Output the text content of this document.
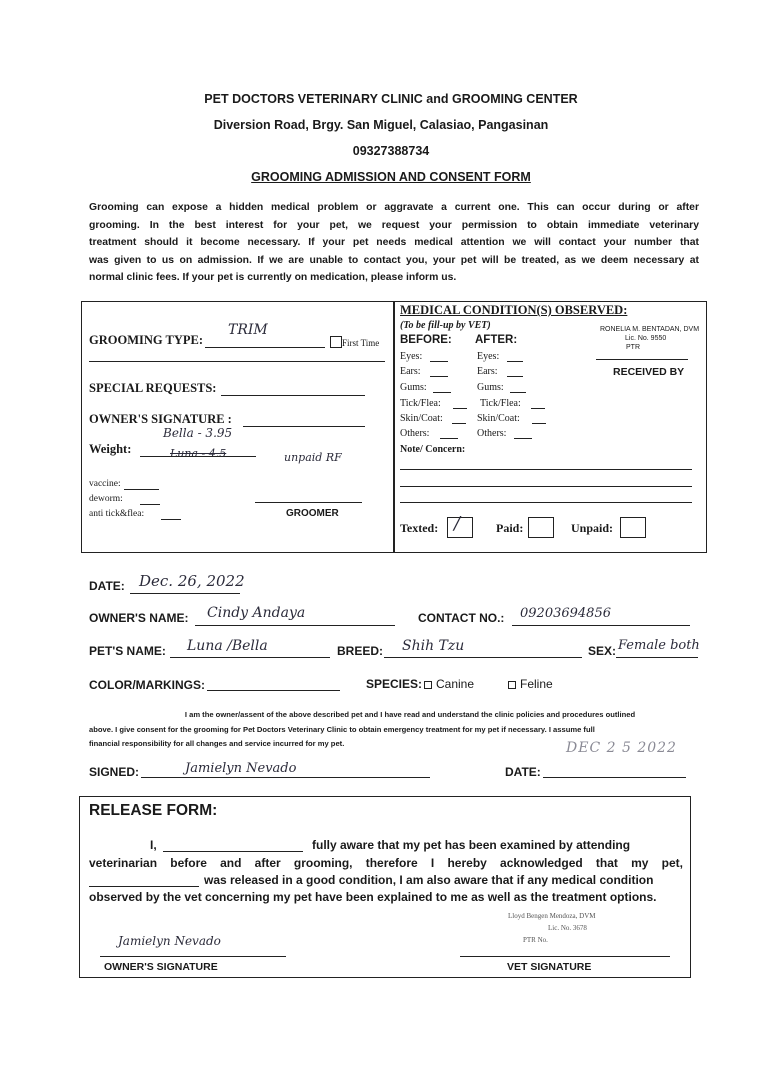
PET DOCTORS VETERINARY CLINIC and GROOMING CENTER
Diversion Road, Brgy. San Miguel, Calasiao, Pangasinan
09327388734
GROOMING ADMISSION AND CONSENT FORM
Grooming can expose a hidden medical problem or aggravate a current one. This can occur during or after
grooming. In the best interest for your pet, we request your permission to obtain immediate veterinary
treatment should it become necessary. If your pet needs medical attention we will contact your number that
was given to us on admission. If we are unable to contact you, your pet will be treated, as we deem necessary at
normal clinic fees. If your pet is currently on medication, please inform us.
GROOMING TYPE:
TRIM
First Time
SPECIAL REQUESTS:
OWNER'S SIGNATURE :
Weight:
Bella - 3.95
Luna - 4.5	unpaid RF
vaccine:
deworm:
anti tick&flea:	GROOMER
MEDICAL CONDITION(S) OBSERVED:
(To be fill-up by VET)
BEFORE: AFTER:
Eyes:	Eyes:
Ears:	Ears:
Gums:	Gums:
Tick/Flea:	Tick/Flea:
Skin/Coat:	Skin/Coat:
Others:	Others:
Note/ Concern:
RONELIA M. BENTADAN, DVM
Lic. No. 9550
PTR
RECEIVED BY
Texted: /	Paid:	Unpaid:
DATE: Dec. 26, 2022
OWNER'S NAME: Cindy Andaya	CONTACT NO.: 09203694856
PET'S NAME: Luna /Bella	BREED: Shih Tzu	SEX: Female both
COLOR/MARKINGS:	SPECIES: Canine	Feline
I am the owner/assent of the above described pet and I have read and understand the clinic policies and procedures outlined
above. I give consent for the grooming for Pet Doctors Veterinary Clinic to obtain emergency treatment for my pet if necessary. I assume full
financial responsibility for all changes and service incurred for my pet.	DEC 2 5 2022
SIGNED:	Jamielyn Nevado	DATE:
RELEASE FORM:
I,	fully aware that my pet has been examined by attending
veterinarian before and after grooming, therefore I hereby acknowledged that my pet,
was released in a good condition, I am also aware that if any medical condition
observed by the vet concerning my pet have been explained to me as well as the treatment options.
Jamielyn Nevado
OWNER'S SIGNATURE
Lloyd Bengen Mendoza, DVM
Lic. No. 3678
PTR No.
VET SIGNATURE
